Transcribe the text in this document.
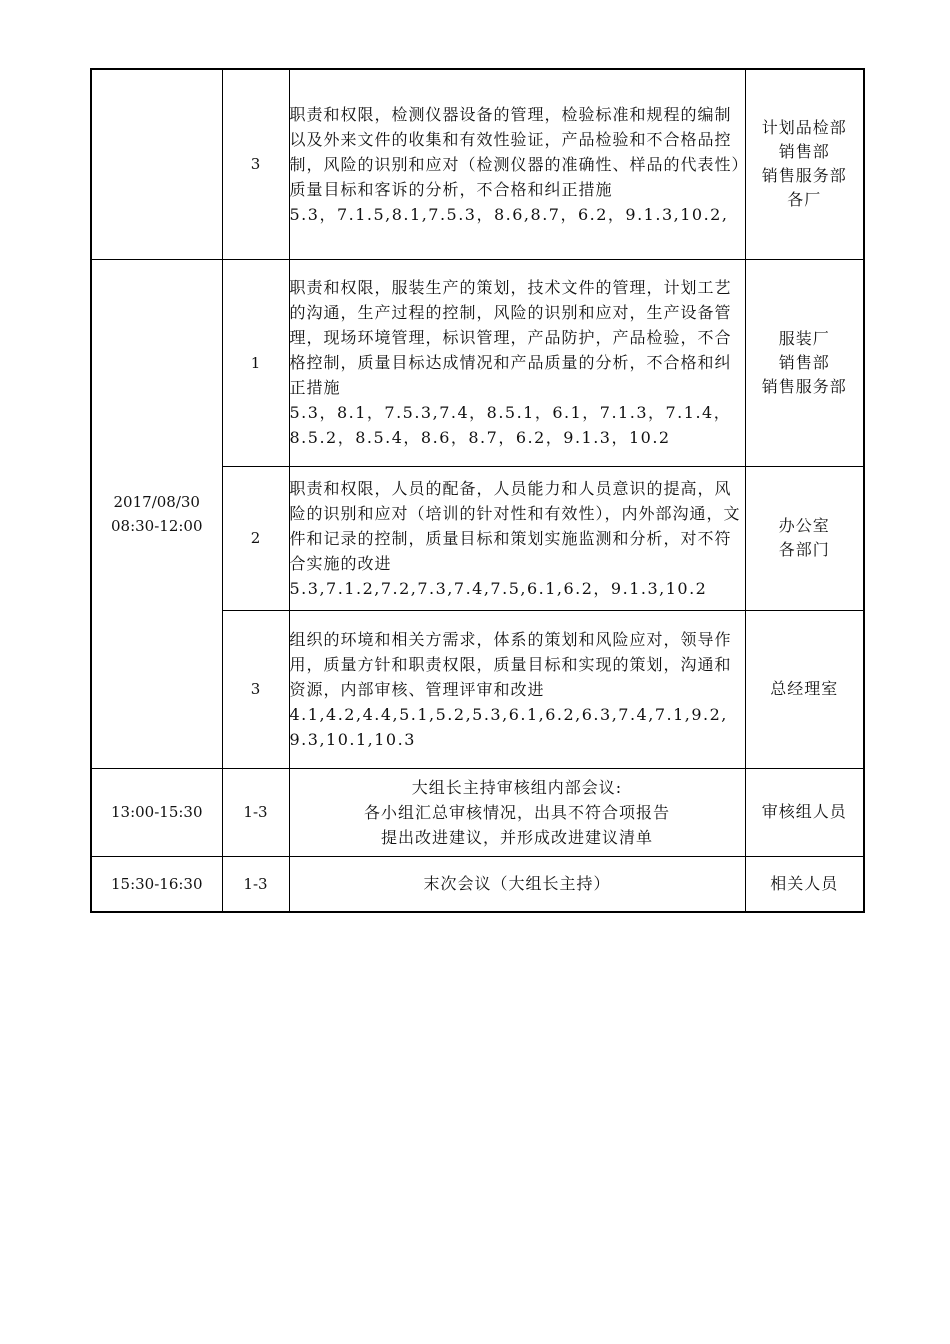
	3	职责和权限，检测仪器设备的管理，检验标准和规程的编制以及外来文件的收集和有效性验证，产品检验和不合格品控制，风险的识别和应对（检测仪器的准确性、样品的代表性）质量目标和客诉的分析，不合格和纠正措施
5.3，7.1.5,8.1,7.5.3，8.6,8.7，6.2，9.1.3,10.2,	计划品检部
销售部
销售服务部
各厂

2017/08/30
08:30-12:00	1	职责和权限，服装生产的策划，技术文件的管理，计划工艺的沟通，生产过程的控制，风险的识别和应对，生产设备管理，现场环境管理，标识管理，产品防护，产品检验，不合格控制，质量目标达成情况和产品质量的分析，不合格和纠正措施
5.3，8.1，7.5.3,7.4，8.5.1，6.1，7.1.3，7.1.4，8.5.2，8.5.4，8.6，8.7，6.2，9.1.3，10.2	服装厂
销售部
销售服务部

	2	职责和权限，人员的配备，人员能力和人员意识的提高，风险的识别和应对（培训的针对性和有效性），内外部沟通，文件和记录的控制，质量目标和策划实施监测和分析，对不符合实施的改进
5.3,7.1.2,7.2,7.3,7.4,7.5,6.1,6.2，9.1.3,10.2	办公室
各部门

	3	组织的环境和相关方需求，体系的策划和风险应对，领导作用，质量方针和职责权限，质量目标和实现的策划，沟通和资源，内部审核、管理评审和改进
4.1,4.2,4.4,5.1,5.2,5.3,6.1,6.2,6.3,7.4,7.1,9.2,9.3,10.1,10.3	总经理室

13:00-15:30	1-3	大组长主持审核组内部会议:
各小组汇总审核情况，出具不符合项报告
提出改进建议，并形成改进建议清单	审核组人员

15:30-16:30	1-3	末次会议（大组长主持）	相关人员
